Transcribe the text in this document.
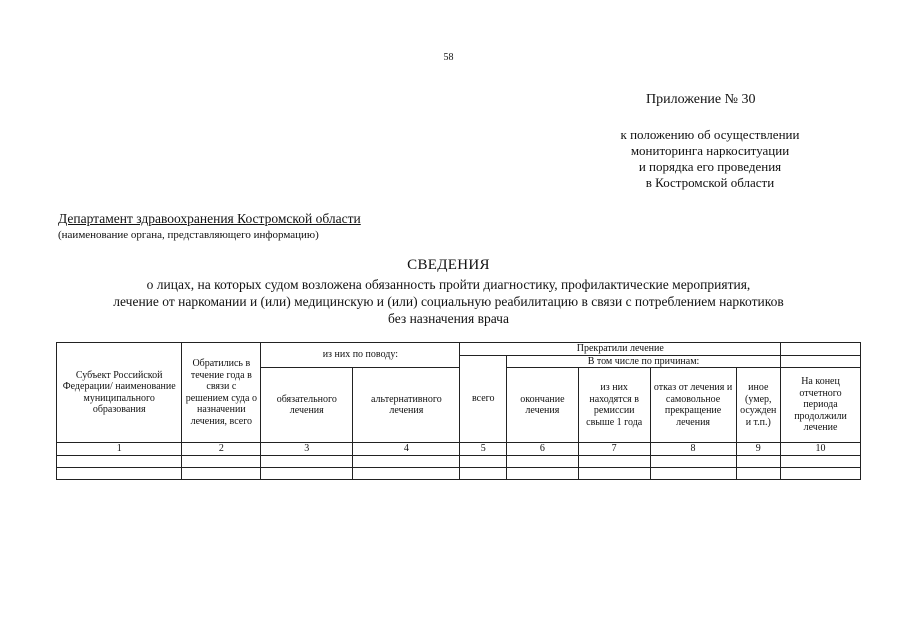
58
Приложение № 30
к положению об осуществлении
мониторинга наркоситуации
и порядка его проведения
в Костромской области
Департамент здравоохранения Костромской области
(наименование органа, представляющего информацию)
СВЕДЕНИЯ
о лицах, на которых судом возложена обязанность пройти диагностику, профилактические мероприятия,
лечение от наркомании и (или) медицинскую и (или) социальную реабилитацию в связи с потреблением наркотиков
без назначения врача
Субъект Российской Федерации/ наименование муниципального образования	Обратились в течение года в связи с решением суда о назначении лечения, всего	из них по поводу:		Прекратили лечение					
				всего	В том числе по причинам:				
		обязательного лечения	альтернативного лечения		окончание лечения	из них находятся в ремиссии свыше 1 года	отказ от лечения и самовольное прекращение лечения	иное (умер, осужден и т.п.)	На конец отчетного периода продолжили лечение
1	2	3	4	5	6	7	8	9	10
